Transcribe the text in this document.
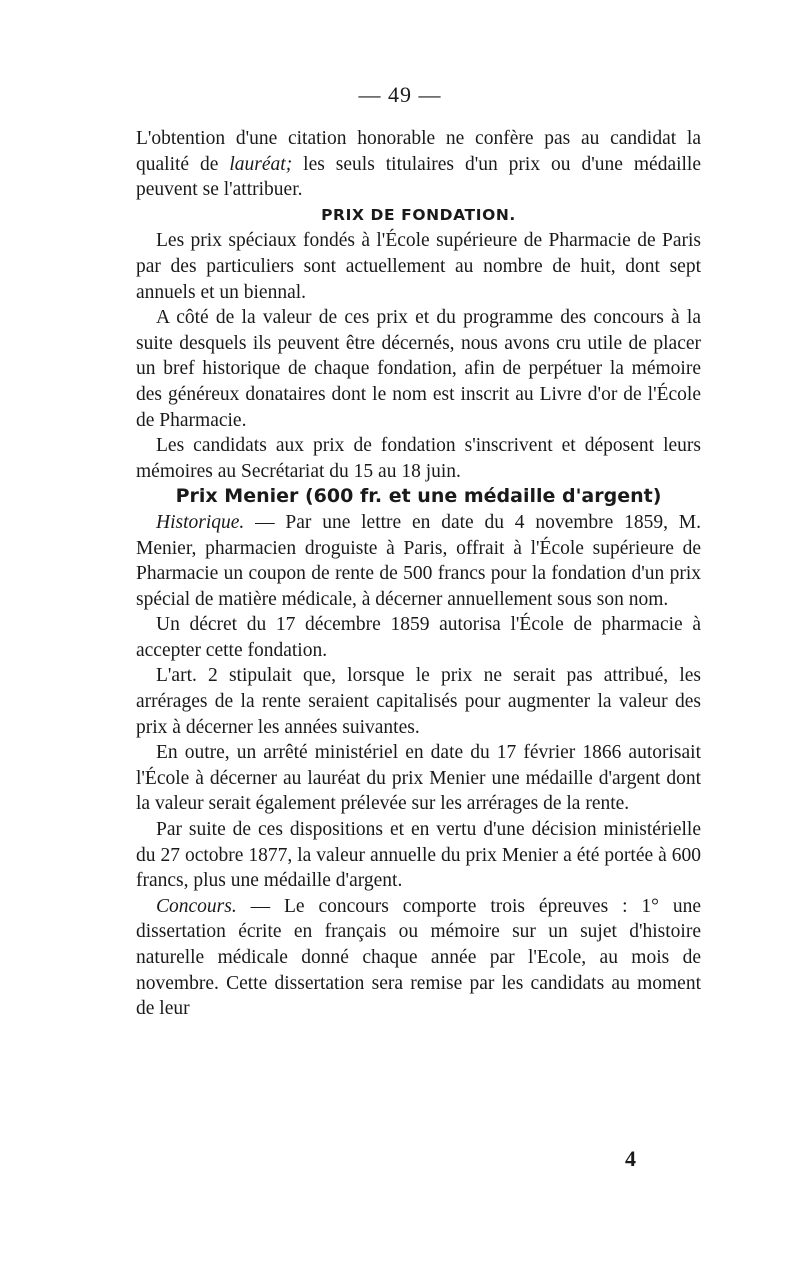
— 49 —

L'obtention d'une citation honorable ne confère pas au candidat la qualité de lauréat; les seuls titulaires d'un prix ou d'une médaille peuvent se l'attribuer.

PRIX DE FONDATION.

Les prix spéciaux fondés à l'École supérieure de Pharmacie de Paris par des particuliers sont actuellement au nombre de huit, dont sept annuels et un biennal.

A côté de la valeur de ces prix et du programme des concours à la suite desquels ils peuvent être décernés, nous avons cru utile de placer un bref historique de chaque fondation, afin de perpétuer la mémoire des généreux donataires dont le nom est inscrit au Livre d'or de l'École de Pharmacie.

Les candidats aux prix de fondation s'inscrivent et déposent leurs mémoires au Secrétariat du 15 au 18 juin.

Prix Menier (600 fr. et une médaille d'argent)

Historique. — Par une lettre en date du 4 novembre 1859, M. Menier, pharmacien droguiste à Paris, offrait à l'École supérieure de Pharmacie un coupon de rente de 500 francs pour la fondation d'un prix spécial de matière médicale, à décerner annuellement sous son nom.

Un décret du 17 décembre 1859 autorisa l'École de pharmacie à accepter cette fondation.

L'art. 2 stipulait que, lorsque le prix ne serait pas attribué, les arrérages de la rente seraient capitalisés pour augmenter la valeur des prix à décerner les années suivantes.

En outre, un arrêté ministériel en date du 17 février 1866 autorisait l'École à décerner au lauréat du prix Menier une médaille d'argent dont la valeur serait également prélevée sur les arrérages de la rente.

Par suite de ces dispositions et en vertu d'une décision ministérielle du 27 octobre 1877, la valeur annuelle du prix Menier a été portée à 600 francs, plus une médaille d'argent.

Concours. — Le concours comporte trois épreuves : 1° une dissertation écrite en français ou mémoire sur un sujet d'histoire naturelle médicale donné chaque année par l'Ecole, au mois de novembre. Cette dissertation sera remise par les candidats au moment de leur

4
